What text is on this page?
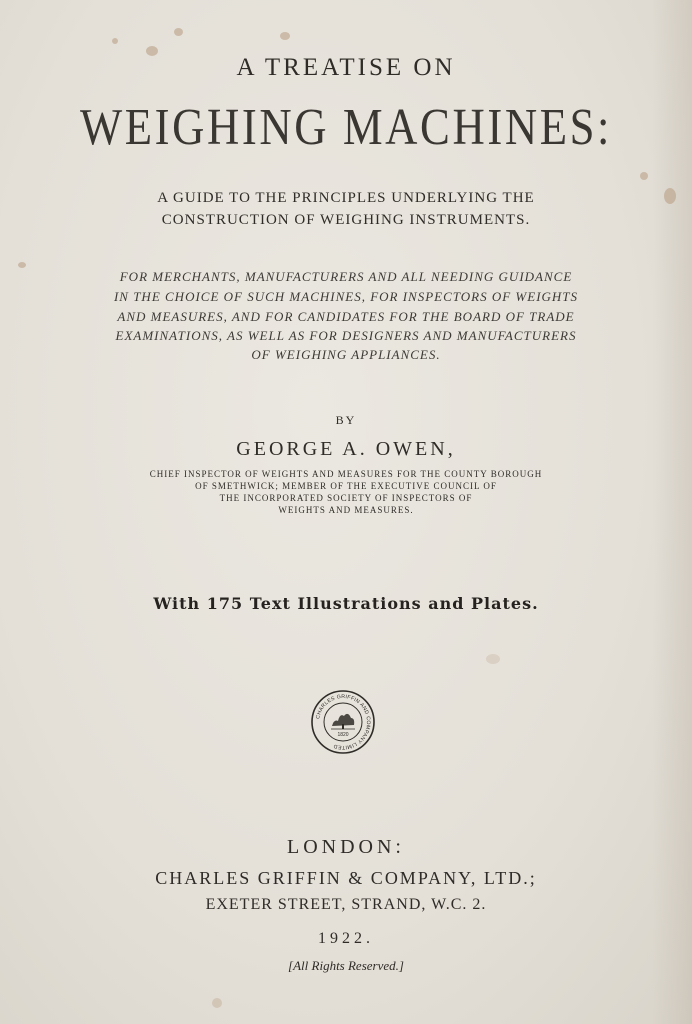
A TREATISE ON
WEIGHING MACHINES:
A GUIDE TO THE PRINCIPLES UNDERLYING THE
CONSTRUCTION OF WEIGHING INSTRUMENTS.
FOR MERCHANTS, MANUFACTURERS AND ALL NEEDING GUIDANCE
IN THE CHOICE OF SUCH MACHINES, FOR INSPECTORS OF WEIGHTS
AND MEASURES, AND FOR CANDIDATES FOR THE BOARD OF TRADE
EXAMINATIONS, AS WELL AS FOR DESIGNERS AND MANUFACTURERS
OF WEIGHING APPLIANCES.
BY
GEORGE A. OWEN,
CHIEF INSPECTOR OF WEIGHTS AND MEASURES FOR THE COUNTY BOROUGH
OF SMETHWICK; MEMBER OF THE EXECUTIVE COUNCIL OF
THE INCORPORATED SOCIETY OF INSPECTORS OF
WEIGHTS AND MEASURES.
With 175 Text Illustrations and Plates.
CHARLES GRIFFIN AND COMPANY LIMITED
1820
LONDON:
CHARLES GRIFFIN & COMPANY, LTD.;
EXETER STREET, STRAND, W.C. 2.
1922.
[All Rights Reserved.]
